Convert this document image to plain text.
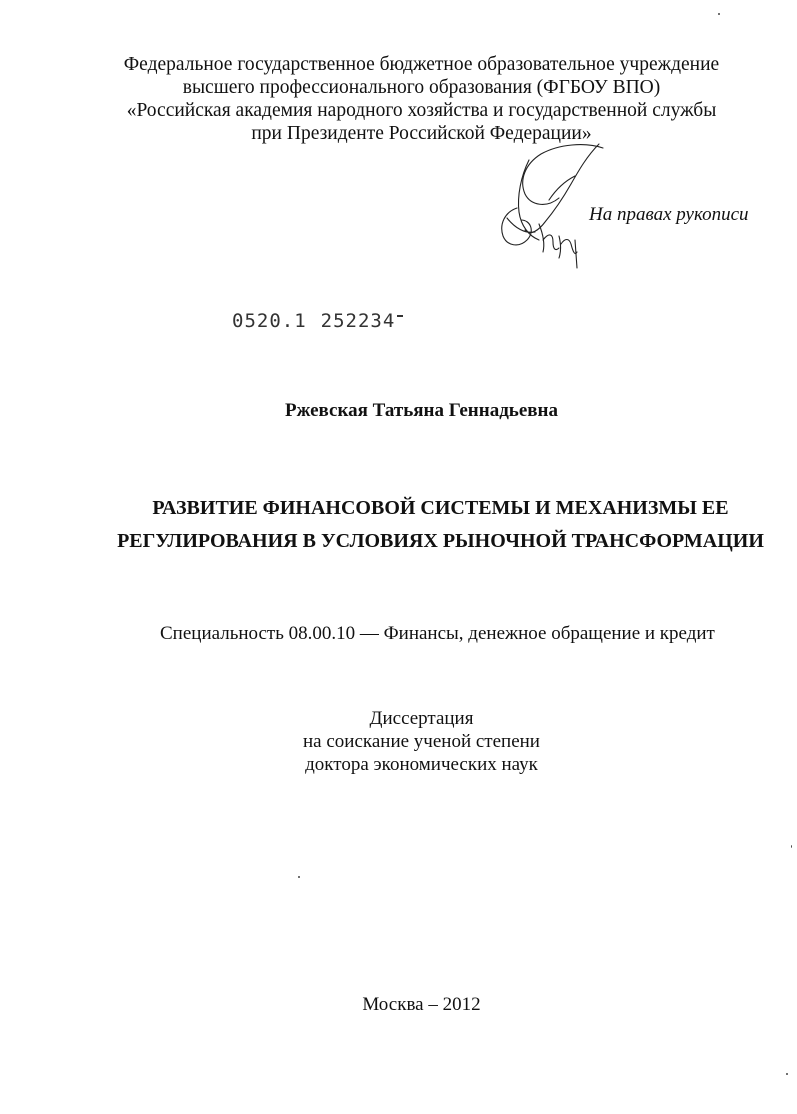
Федеральное государственное бюджетное образовательное учреждение
высшего профессионального образования (ФГБОУ ВПО)
«Российская академия народного хозяйства и государственной службы
при Президенте Российской Федерации»
На правах рукописи
0520.1 252234
Ржевская Татьяна Геннадьевна
РАЗВИТИЕ ФИНАНСОВОЙ СИСТЕМЫ И МЕХАНИЗМЫ ЕЕ
РЕГУЛИРОВАНИЯ В УСЛОВИЯХ РЫНОЧНОЙ ТРАНСФОРМАЦИИ
Специальность 08.00.10 — Финансы, денежное обращение и кредит
Диссертация
на соискание ученой степени
доктора экономических наук
Москва – 2012
